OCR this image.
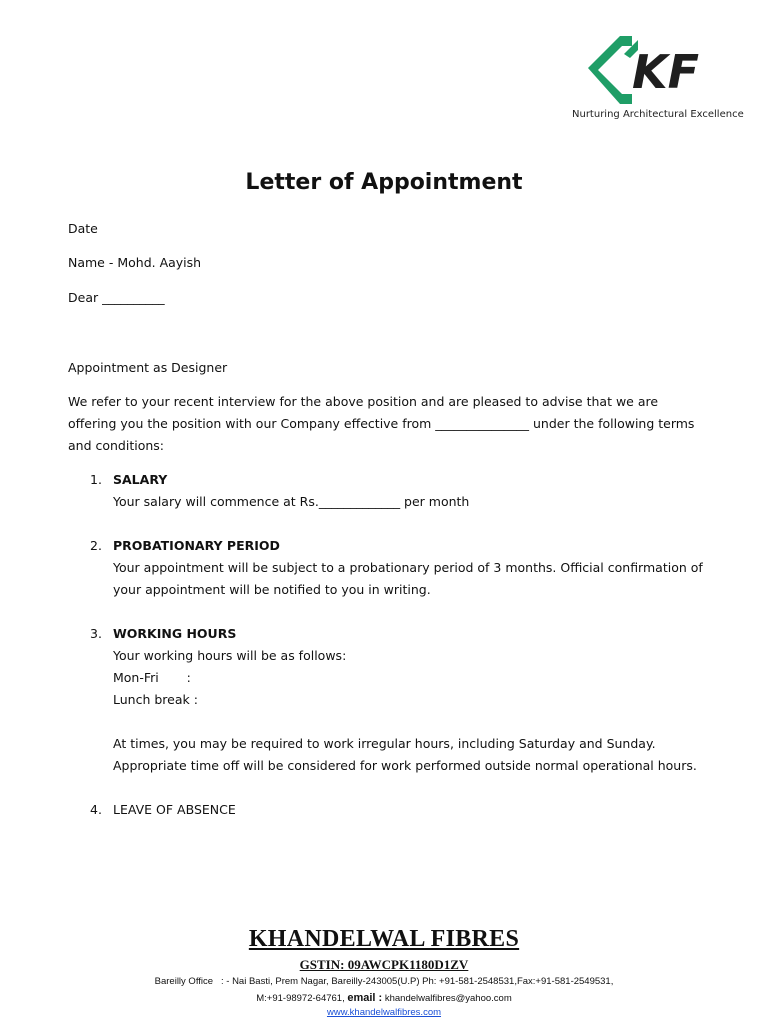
KF
Nurturing Architectural Excellence
Letter of Appointment
Date
Name - Mohd. Aayish
Dear __________
Appointment as Designer
We refer to your recent interview for the above position and are pleased to advise that we are offering you the position with our Company effective from _______________ under the following terms and conditions:
1. SALARY
Your salary will commence at Rs._____________ per month
2. PROBATIONARY PERIOD
Your appointment will be subject to a probationary period of 3 months. Official confirmation of your appointment will be notified to you in writing.
3. WORKING HOURS
Your working hours will be as follows:
Mon-Fri       :
Lunch break :
At times, you may be required to work irregular hours, including Saturday and Sunday. Appropriate time off will be considered for work performed outside normal operational hours.
4. LEAVE OF ABSENCE
KHANDELWAL FIBRES
GSTIN: 09AWCPK1180D1ZV
Bareilly Office   : - Nai Basti, Prem Nagar, Bareilly-243005(U.P) Ph: +91-581-2548531,Fax:+91-581-2549531,
M:+91-98972-64761, email : khandelwalfibres@yahoo.com
www.khandelwalfibres.com
